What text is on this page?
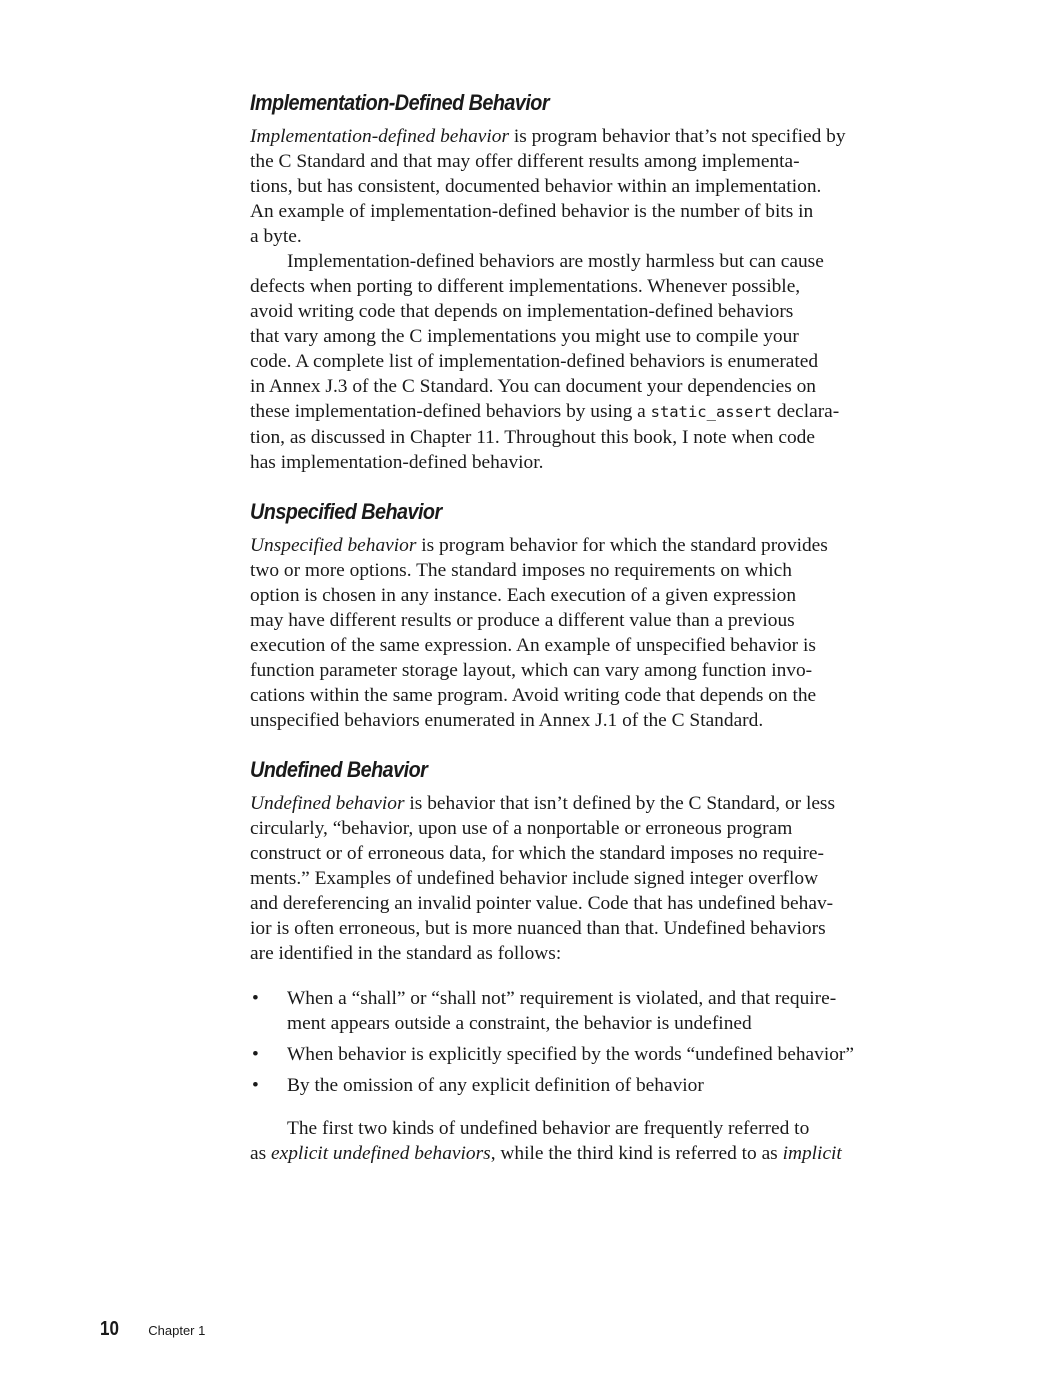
Implementation-Defined Behavior

Implementation-defined behavior is program behavior that’s not specified by
the C Standard and that may offer different results among implementa-
tions, but has consistent, documented behavior within an implementation.
An example of implementation-defined behavior is the number of bits in
a byte.

Implementation-defined behaviors are mostly harmless but can cause
defects when porting to different implementations. Whenever possible,
avoid writing code that depends on implementation-defined behaviors
that vary among the C implementations you might use to compile your
code. A complete list of implementation-defined behaviors is enumerated
in Annex J.3 of the C Standard. You can document your dependencies on
these implementation-defined behaviors by using a static_assert declara-
tion, as discussed in Chapter 11. Throughout this book, I note when code
has implementation-defined behavior.

Unspecified Behavior

Unspecified behavior is program behavior for which the standard provides
two or more options. The standard imposes no requirements on which
option is chosen in any instance. Each execution of a given expression
may have different results or produce a different value than a previous
execution of the same expression. An example of unspecified behavior is
function parameter storage layout, which can vary among function invo-
cations within the same program. Avoid writing code that depends on the
unspecified behaviors enumerated in Annex J.1 of the C Standard.

Undefined Behavior

Undefined behavior is behavior that isn’t defined by the C Standard, or less
circularly, “behavior, upon use of a nonportable or erroneous program
construct or of erroneous data, for which the standard imposes no require-
ments.” Examples of undefined behavior include signed integer overflow
and dereferencing an invalid pointer value. Code that has undefined behav-
ior is often erroneous, but is more nuanced than that. Undefined behaviors
are identified in the standard as follows:

• When a “shall” or “shall not” requirement is violated, and that require-
ment appears outside a constraint, the behavior is undefined
• When behavior is explicitly specified by the words “undefined behavior”
• By the omission of any explicit definition of behavior

The first two kinds of undefined behavior are frequently referred to
as explicit undefined behaviors, while the third kind is referred to as implicit

10 Chapter 1
